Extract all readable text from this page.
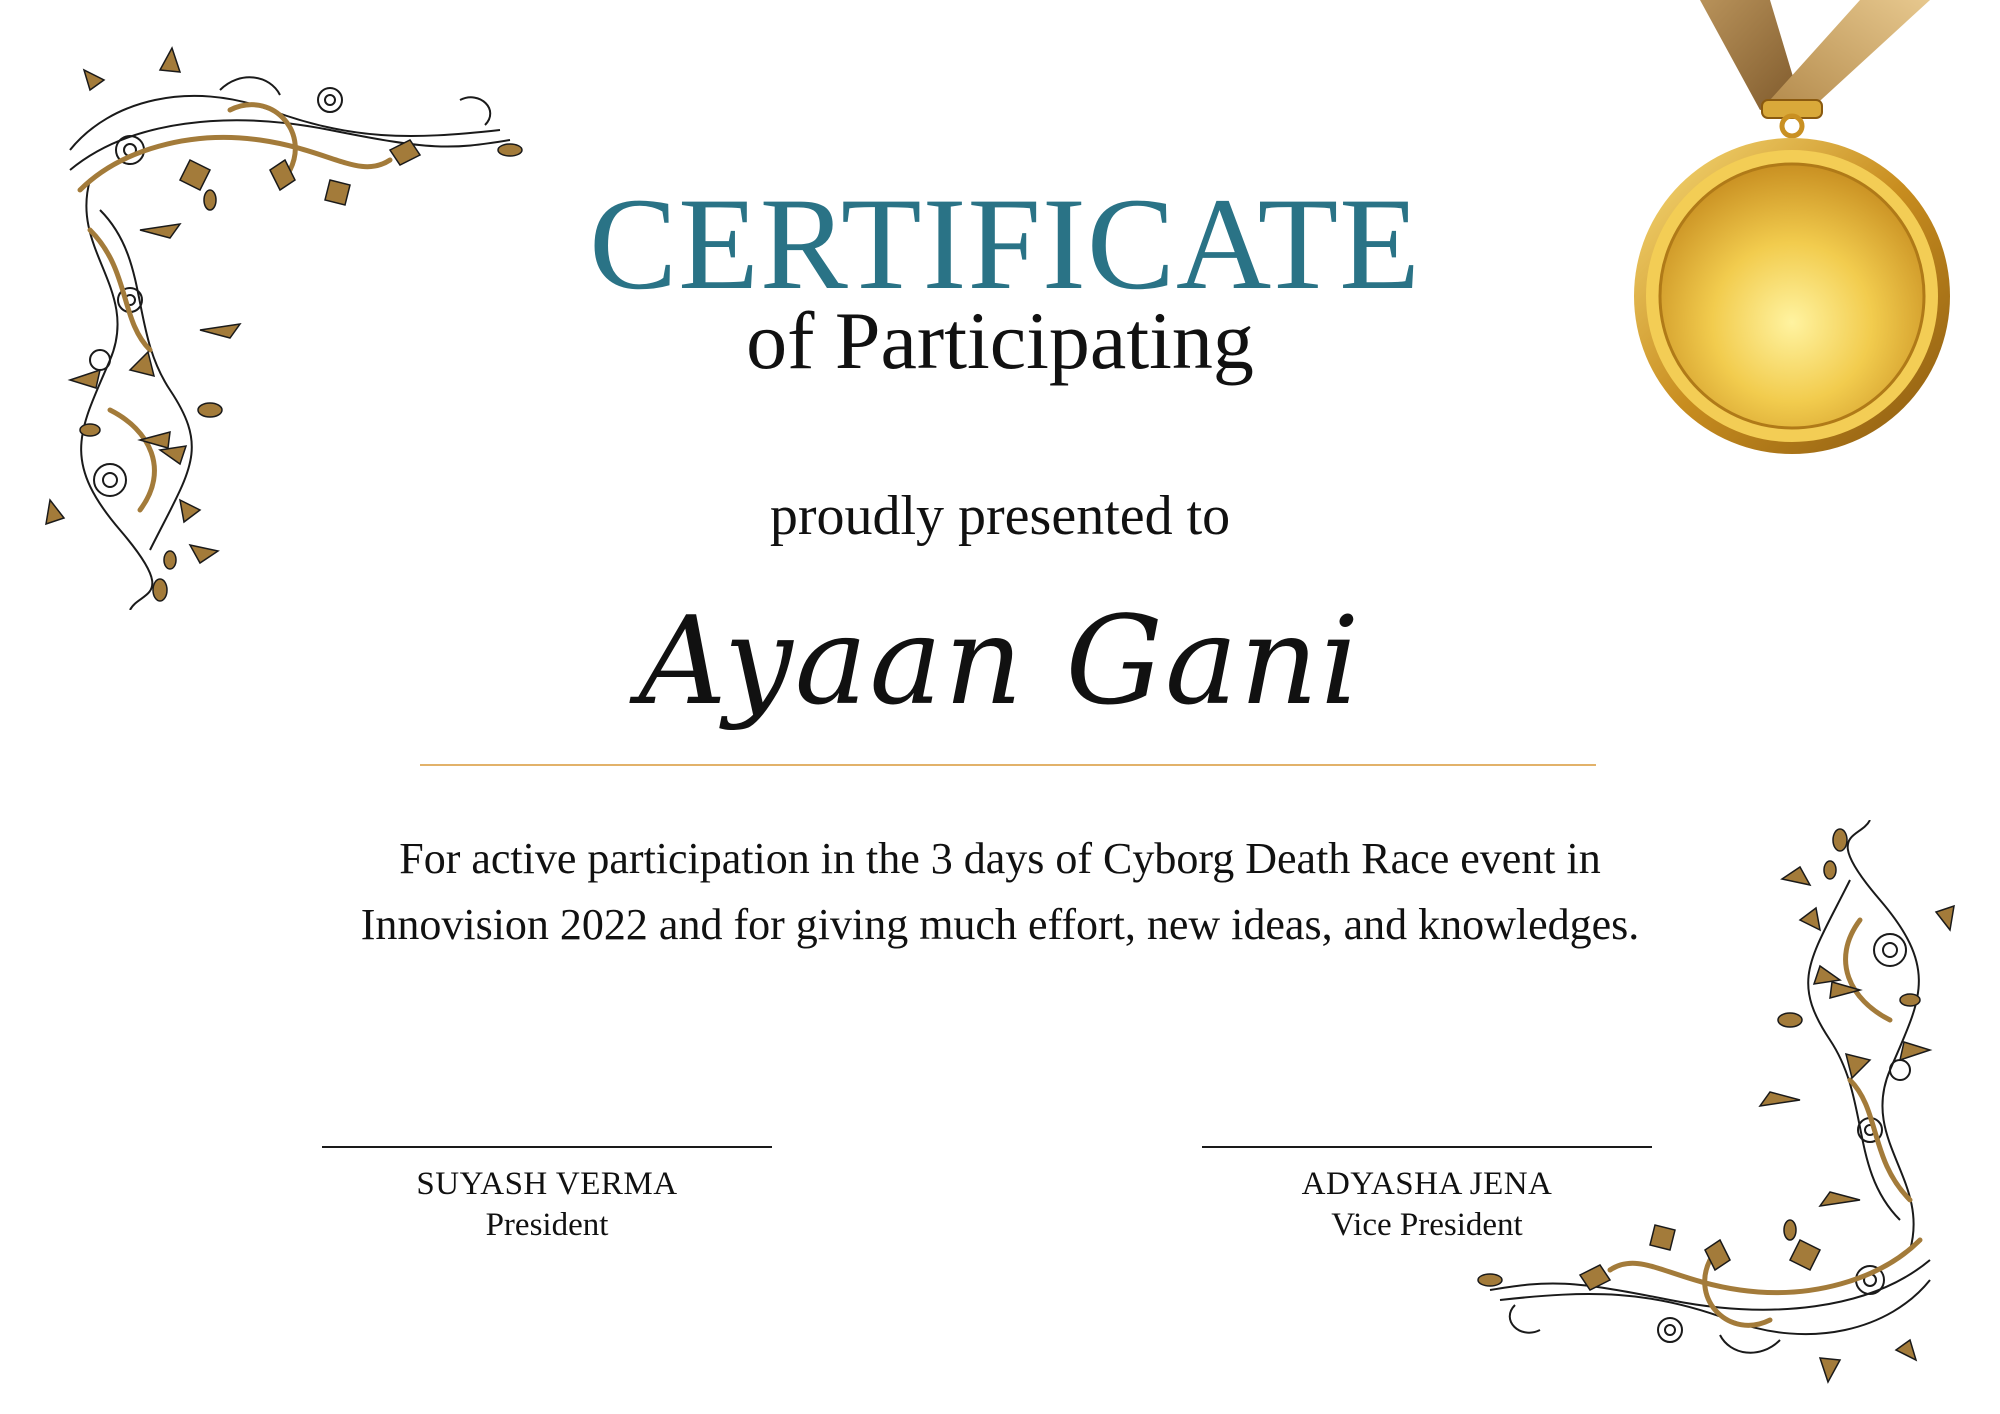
CERTIFICATE
of Participating
proudly presented to
Ayaan Gani
For active participation in the 3 days of Cyborg Death Race event in
Innovision 2022 and for giving much effort, new ideas, and knowledges.
SUYASH VERMA
President
ADYASHA JENA
Vice President
